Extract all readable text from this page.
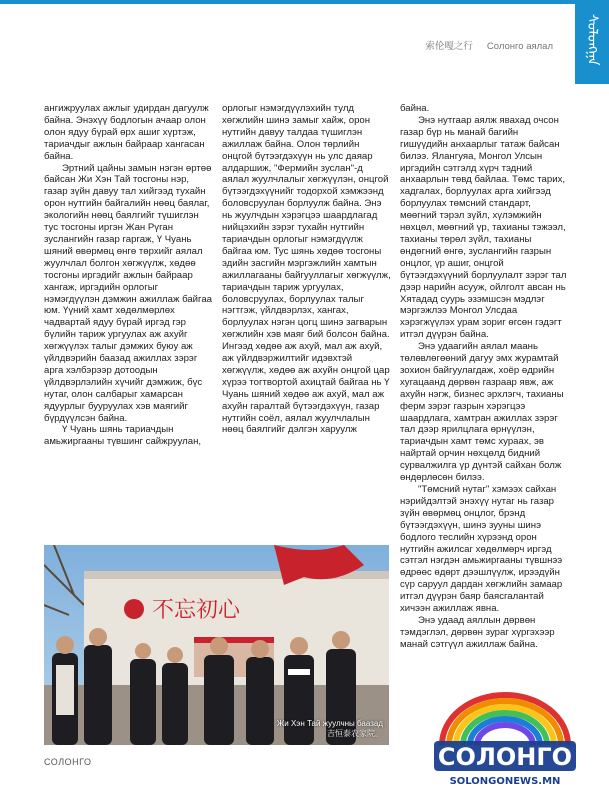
ᠰᠣᠯᠣᠩᠭ᠋ᠠ
索伦嘎之行 Солонго аялал

ангижруулах ажлыг удирдан дагуулж байна. Энэхүү бодлогын ачаар олон олон ядуу бүрай өрх ашиг хүртэж, тариачдыг ажлын байраар хангасан байна.

Эртний цайны замын нэгэн өртөө байсан Жи Хэн Тай тосгоны нэр, газар зүйн давуу тал хийгээд тухайн орон нутгийн байгалийн нөөц баялаг, экологийн нөөц баялгийг түшиглэн тус тосгоны иргэн Жан Рүган зуслангийн газар гаргаж, Ү Чуань шяний өвөрмөц өнгө төрхийг аялал жуулчлал болгон хөгжүүлж, хөдөө тосгоны иргэдийг ажлын байраар хангаж, иргэдийн орлогыг нэмэгдүүлэн дэмжин ажиллаж байгаа юм. Үүний хамт хөдөлмөрлөх чадвартай ядуу бүрай иргэд гэр бүлийн тариж ургуулах аж ахуйг хөгжүүлэх талыг дэмжих буюу аж үйлдвэрийн баазад ажиллах зэрэг арга хэлбэрээр дотоодын үйлдвэрлэлийн хүчийг дэмжиж, бүс нутаг, олон салбарыг хамарсан ядуурлыг бууруулах хэв маягийг бүрдүүлсэн байна.

Ү Чуань шянь тариачдын амьжиргааны түвшинг сайжруулан,

орлогыг нэмэгдүүлэхийн тулд хөгжлийн шинэ замыг хайж, орон нутгийн давуу талдаа түшиглэн ажиллаж байна. Олон төрлийн онцгой бүтээгдэхүүн нь улс даяар алдаршиж, "Фермийн зуслан"-д аялал жуулчлалыг хөгжүүлэн, онцгой бүтээгдэхүүнийг тодорхой хэмжээнд боловсруулан борлуулж байна. Энэ нь жуулчдын хэрэгцээ шаардлагад нийцэхийн зэрэг тухайн нутгийн тариачдын орлогыг нэмэгдүүлж байгаа юм. Тус шянь хөдөө тосгоны эдийн засгийн мэргэжлийн хамтын ажиллагааны байгууллагыг хөгжүүлж, тариачдын тариж ургуулах, боловсруулах, борлуулах талыг нэгтгэж, үйлдвэрлэх, хангах, борлуулах нэгэн цогц шинэ загварын хөгжлийн хэв маяг бий болсон байна. Ингээд хөдөө аж ахуй, мал аж ахуй, аж үйлдвэржилтийг идэвхтэй хөгжүүлж, хөдөө аж ахуйн онцгой цар хүрээ тогтвортой ахицтай байгаа нь Ү Чуань шяний хөдөө аж ахуй, мал аж ахуйн гаралтай бүтээгдэхүүн, газар нутгийн соёл, аялал жуулчлалын нөөц баялгийг дэлгэн харуулж

байна.

Энэ нутгаар аялж явахад очсон газар бүр нь манай багийн гишүүдийн анхаарлыг татаж байсан билээ. Ялангуяа, Монгол Улсын иргэдийн сэтгэлд хүрч тэдний анхаарлын төвд байлаа. Төмс тарих, хадгалах, борлуулах арга хийгээд борлуулах төмсний стандарт, мөөгний тэрэл зүйл, хүлэмжийн нөхцөл, мөөгний үр, тахианы тэжээл, тахианы төрөл зүйл, тахианы өндөгний өнгө, зуслангийн газрын онцлог, үр ашиг, онцгой бүтээгдэхүүний борлуулалт зэрэг тал дээр нарийн асууж, ойлголт авсан нь Хятадад суурь эзэмшсэн мэдлэг мэргэжлээ Монгол Улсдаа хэрэгжүүлэх урам зориг өгсөн гэдэгт итгэл дүүрэн байна.

Энэ удаагийн аялал маань төлөвлөгөөний дагуу эмх журамтай зохион байгуулагдаж, хоёр өдрийн хугацаанд дөрвөн газраар явж, аж ахуйн нэгж, бизнес эрхлэгч, тахианы ферм зэрэг газрын хэрэгцээ шаардлага, хамтран ажиллах зэрэг тал дээр ярилцлага өрнүүлэн, тариачдын хамт төмс хураах, эв найртай орчин нөхцөлд бидний сурвалжилга үр дүнтэй сайхан болж өндөрлөсөн билээ.

"Төмсний нутаг" хэмээх сайхан нэрийдэлтэй энэхүү нутаг нь газар зүйн өвөрмөц онцлог, брэнд бүтээгдэхүүн, шинэ зууны шинэ бодлого теслийн хүрээнд орон нутгийн ажилсаг хөдөлмөрч иргэд сэтгэл нэгдэн амьжиргааны түвшнээ өдрөөс өдөрт дээшлүүлж, ирээдүйн сүр саруул дардан хөгжлийн замаар итгэл дүүрэн баяр баясгалантай хичээн ажиллаж явна.

Энэ удаад аяллын дөрвөн тэмдэглэл, дөрвөн зураг хүргэхээр манай сэтгүүл ажиллаж байна.

不忘初心
Жи Хэн Тай жуулчны баазад
吉恒泰农家院。
СОЛОНГО	СОЛОНГО
SOLONGONEWS.MN
